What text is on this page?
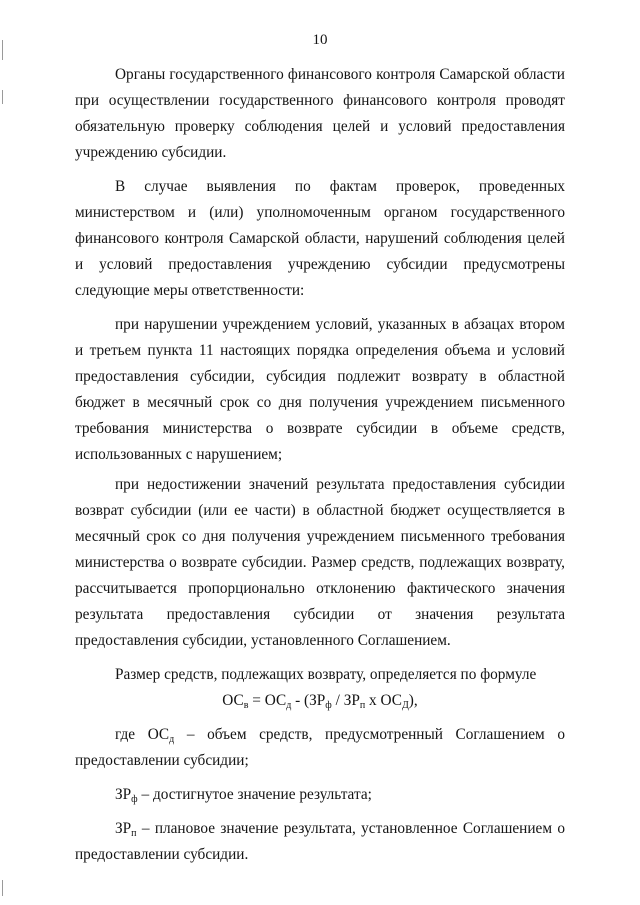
10

Органы государственного финансового контроля Самарской области при осуществлении государственного финансового контроля проводят обязательную проверку соблюдения целей и условий предоставления учреждению субсидии.

В случае выявления по фактам проверок, проведенных министерством и (или) уполномоченным органом государственного финансового контроля Самарской области, нарушений соблюдения целей и условий предоставления учреждению субсидии предусмотрены следующие меры ответственности:

при нарушении учреждением условий, указанных в абзацах втором и третьем пункта 11 настоящих порядка определения объема и условий предоставления субсидии, субсидия подлежит возврату в областной бюджет в месячный срок со дня получения учреждением письменного требования министерства о возврате субсидии в объеме средств, использованных с нарушением;

при недостижении значений результата предоставления субсидии возврат субсидии (или ее части) в областной бюджет осуществляется в месячный срок со дня получения учреждением письменного требования министерства о возврате субсидии. Размер средств, подлежащих возврату, рассчитывается пропорционально отклонению фактического значения результата предоставления субсидии от значения результата предоставления субсидии, установленного Соглашением.

Размер средств, подлежащих возврату, определяется по формуле

$ОС_в = ОС_д - (ЗР_ф / ЗР_п$ х $ОС_Д$),

где $ОС_д$ – объем средств, предусмотренный Соглашением о предоставлении субсидии;

$ЗР_ф$ – достигнутое значение результата;

$ЗР_п$ – плановое значение результата, установленное Соглашением о предоставлении субсидии.
